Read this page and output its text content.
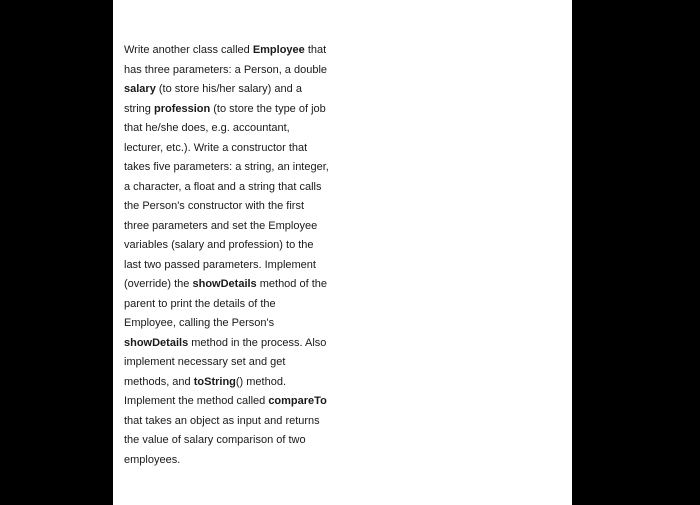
Write another class called Employee that
has three parameters: a Person, a double
salary (to store his/her salary) and a
string profession (to store the type of job
that he/she does, e.g. accountant,
lecturer, etc.). Write a constructor that
takes five parameters: a string, an integer,
a character, a float and a string that calls
the Person's constructor with the first
three parameters and set the Employee
variables (salary and profession) to the
last two passed parameters. Implement
(override) the showDetails method of the
parent to print the details of the
Employee, calling the Person's
showDetails method in the process. Also
implement necessary set and get
methods, and toString() method.
Implement the method called compareTo
that takes an object as input and returns
the value of salary comparison of two
employees.
